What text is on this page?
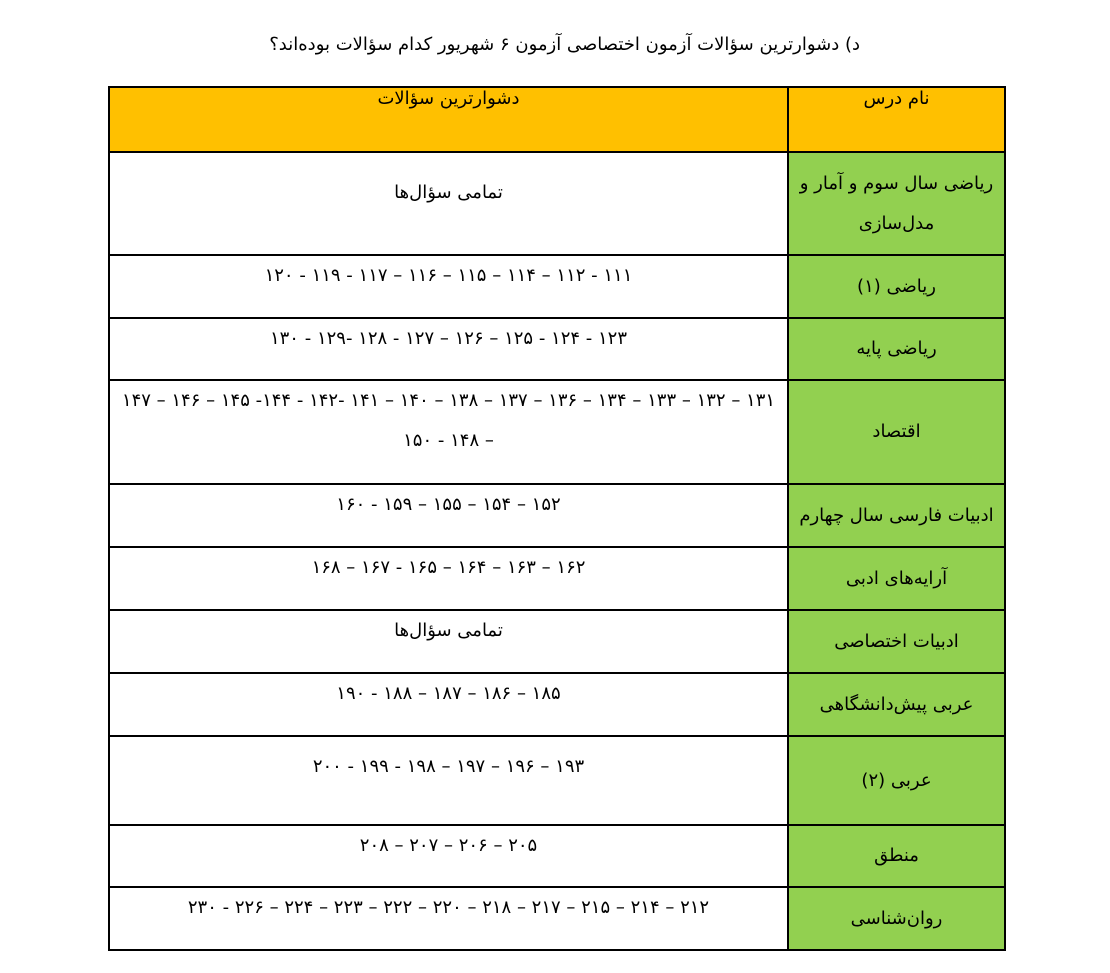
د) دشوارترین سؤالات آزمون اختصاصی آزمون ۶ شهریور کدام سؤالات بوده‌اند؟
نام درس	دشوارترین سؤالات
ریاضی سال سوم و آمار و مدل‌سازی	تمامی سؤال‌ها
ریاضی (۱)	۱۱۱ - ۱۱۲ – ۱۱۴ – ۱۱۵ – ۱۱۶ – ۱۱۷ - ۱۱۹ - ۱۲۰
ریاضی پایه	۱۲۳ - ۱۲۴ - ۱۲۵ – ۱۲۶ – ۱۲۷ - ۱۲۸ -۱۲۹ - ۱۳۰
اقتصاد	۱۳۱ – ۱۳۲ – ۱۳۳ – ۱۳۴ – ۱۳۶ – ۱۳۷ – ۱۳۸ – ۱۴۰ – ۱۴۱ -۱۴۲ - ۱۴۴- ۱۴۵ – ۱۴۶ – ۱۴۷ – ۱۴۸ - ۱۵۰
ادبیات فارسی سال چهارم	۱۵۲ – ۱۵۴ – ۱۵۵ – ۱۵۹ - ۱۶۰
آرایه‌های ادبی	۱۶۲ – ۱۶۳ – ۱۶۴ – ۱۶۵ - ۱۶۷ – ۱۶۸
ادبیات اختصاصی	تمامی سؤال‌ها
عربی پیش‌دانشگاهی	۱۸۵ – ۱۸۶ – ۱۸۷ – ۱۸۸ - ۱۹۰
عربی (۲)	۱۹۳ – ۱۹۶ – ۱۹۷ – ۱۹۸ - ۱۹۹ - ۲۰۰
منطق	۲۰۵ – ۲۰۶ – ۲۰۷ – ۲۰۸
روان‌شناسی	۲۱۲ – ۲۱۴ – ۲۱۵ – ۲۱۷ – ۲۱۸ – ۲۲۰ – ۲۲۲ – ۲۲۳ – ۲۲۴ – ۲۲۶ - ۲۳۰
